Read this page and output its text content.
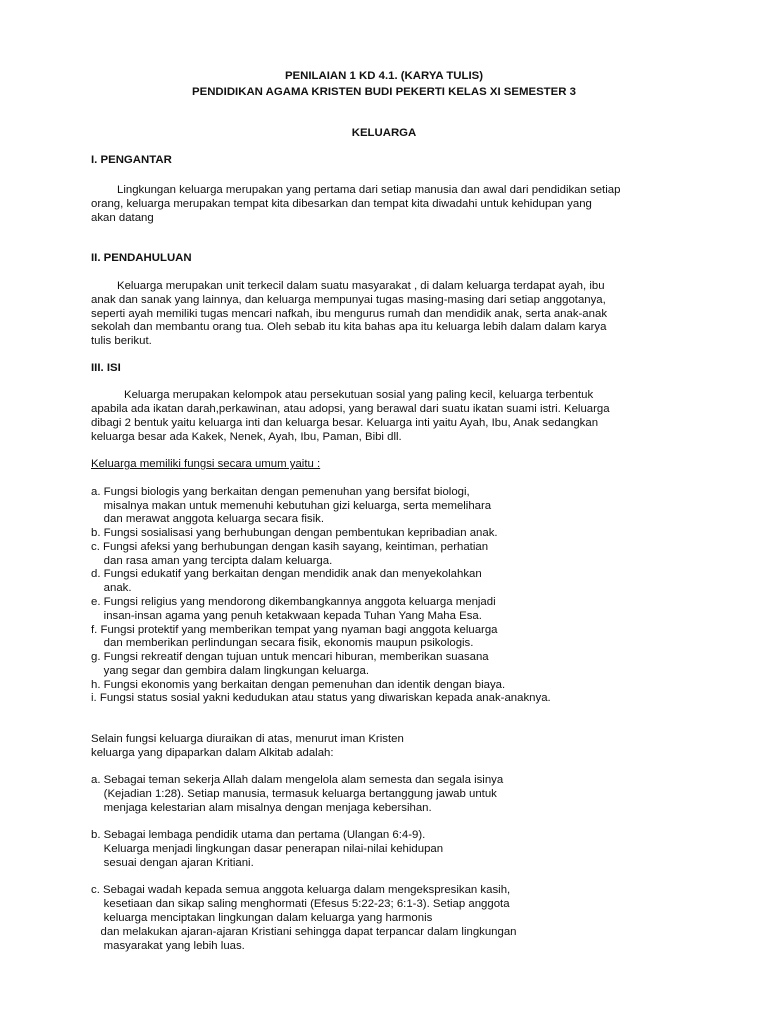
PENILAIAN 1 KD 4.1. (KARYA TULIS)
PENDIDIKAN AGAMA KRISTEN BUDI PEKERTI KELAS XI SEMESTER 3
KELUARGA
I. PENGANTAR
Lingkungan keluarga merupakan yang pertama dari setiap manusia dan awal dari pendidikan setiap
orang, keluarga merupakan tempat kita dibesarkan dan tempat kita diwadahi untuk kehidupan yang
akan datang
II. PENDAHULUAN
Keluarga merupakan unit terkecil dalam suatu masyarakat , di dalam keluarga terdapat ayah, ibu
anak dan sanak yang lainnya, dan keluarga mempunyai tugas masing-masing dari setiap anggotanya,
seperti ayah memiliki tugas mencari nafkah, ibu mengurus rumah dan mendidik anak, serta anak-anak
sekolah dan membantu orang tua. Oleh sebab itu kita bahas apa itu keluarga lebih dalam dalam karya
tulis berikut.
III. ISI
Keluarga merupakan kelompok atau persekutuan sosial yang paling kecil, keluarga terbentuk
apabila ada ikatan darah,perkawinan, atau adopsi, yang berawal dari suatu ikatan suami istri. Keluarga
dibagi 2 bentuk yaitu keluarga inti dan keluarga besar. Keluarga inti yaitu Ayah, Ibu, Anak sedangkan
keluarga besar ada Kakek, Nenek, Ayah, Ibu, Paman, Bibi dll.
Keluarga memiliki fungsi secara umum yaitu :
a. Fungsi biologis yang berkaitan dengan pemenuhan yang bersifat biologi,
misalnya makan untuk memenuhi kebutuhan gizi keluarga, serta memelihara
dan merawat anggota keluarga secara fisik.
b. Fungsi sosialisasi yang berhubungan dengan pembentukan kepribadian anak.
c. Fungsi afeksi yang berhubungan dengan kasih sayang, keintiman, perhatian
dan rasa aman yang tercipta dalam keluarga.
d. Fungsi edukatif yang berkaitan dengan mendidik anak dan menyekolahkan
anak.
e. Fungsi religius yang mendorong dikembangkannya anggota keluarga menjadi
insan-insan agama yang penuh ketakwaan kepada Tuhan Yang Maha Esa.
f. Fungsi protektif yang memberikan tempat yang nyaman bagi anggota keluarga
dan memberikan perlindungan secara fisik, ekonomis maupun psikologis.
g. Fungsi rekreatif dengan tujuan untuk mencari hiburan, memberikan suasana
yang segar dan gembira dalam lingkungan keluarga.
h. Fungsi ekonomis yang berkaitan dengan pemenuhan dan identik dengan biaya.
i. Fungsi status sosial yakni kedudukan atau status yang diwariskan kepada anak-anaknya.
Selain fungsi keluarga diuraikan di atas, menurut iman Kristen
keluarga yang dipaparkan dalam Alkitab adalah:
a. Sebagai teman sekerja Allah dalam mengelola alam semesta dan segala isinya
(Kejadian 1:28). Setiap manusia, termasuk keluarga bertanggung jawab untuk
menjaga kelestarian alam misalnya dengan menjaga kebersihan.
b. Sebagai lembaga pendidik utama dan pertama (Ulangan 6:4-9).
Keluarga menjadi lingkungan dasar penerapan nilai-nilai kehidupan
sesuai dengan ajaran Kritiani.
c. Sebagai wadah kepada semua anggota keluarga dalam mengekspresikan kasih,
kesetiaan dan sikap saling menghormati (Efesus 5:22-23; 6:1-3). Setiap anggota
keluarga menciptakan lingkungan dalam keluarga yang harmonis
dan melakukan ajaran-ajaran Kristiani sehingga dapat terpancar dalam lingkungan
masyarakat yang lebih luas.
